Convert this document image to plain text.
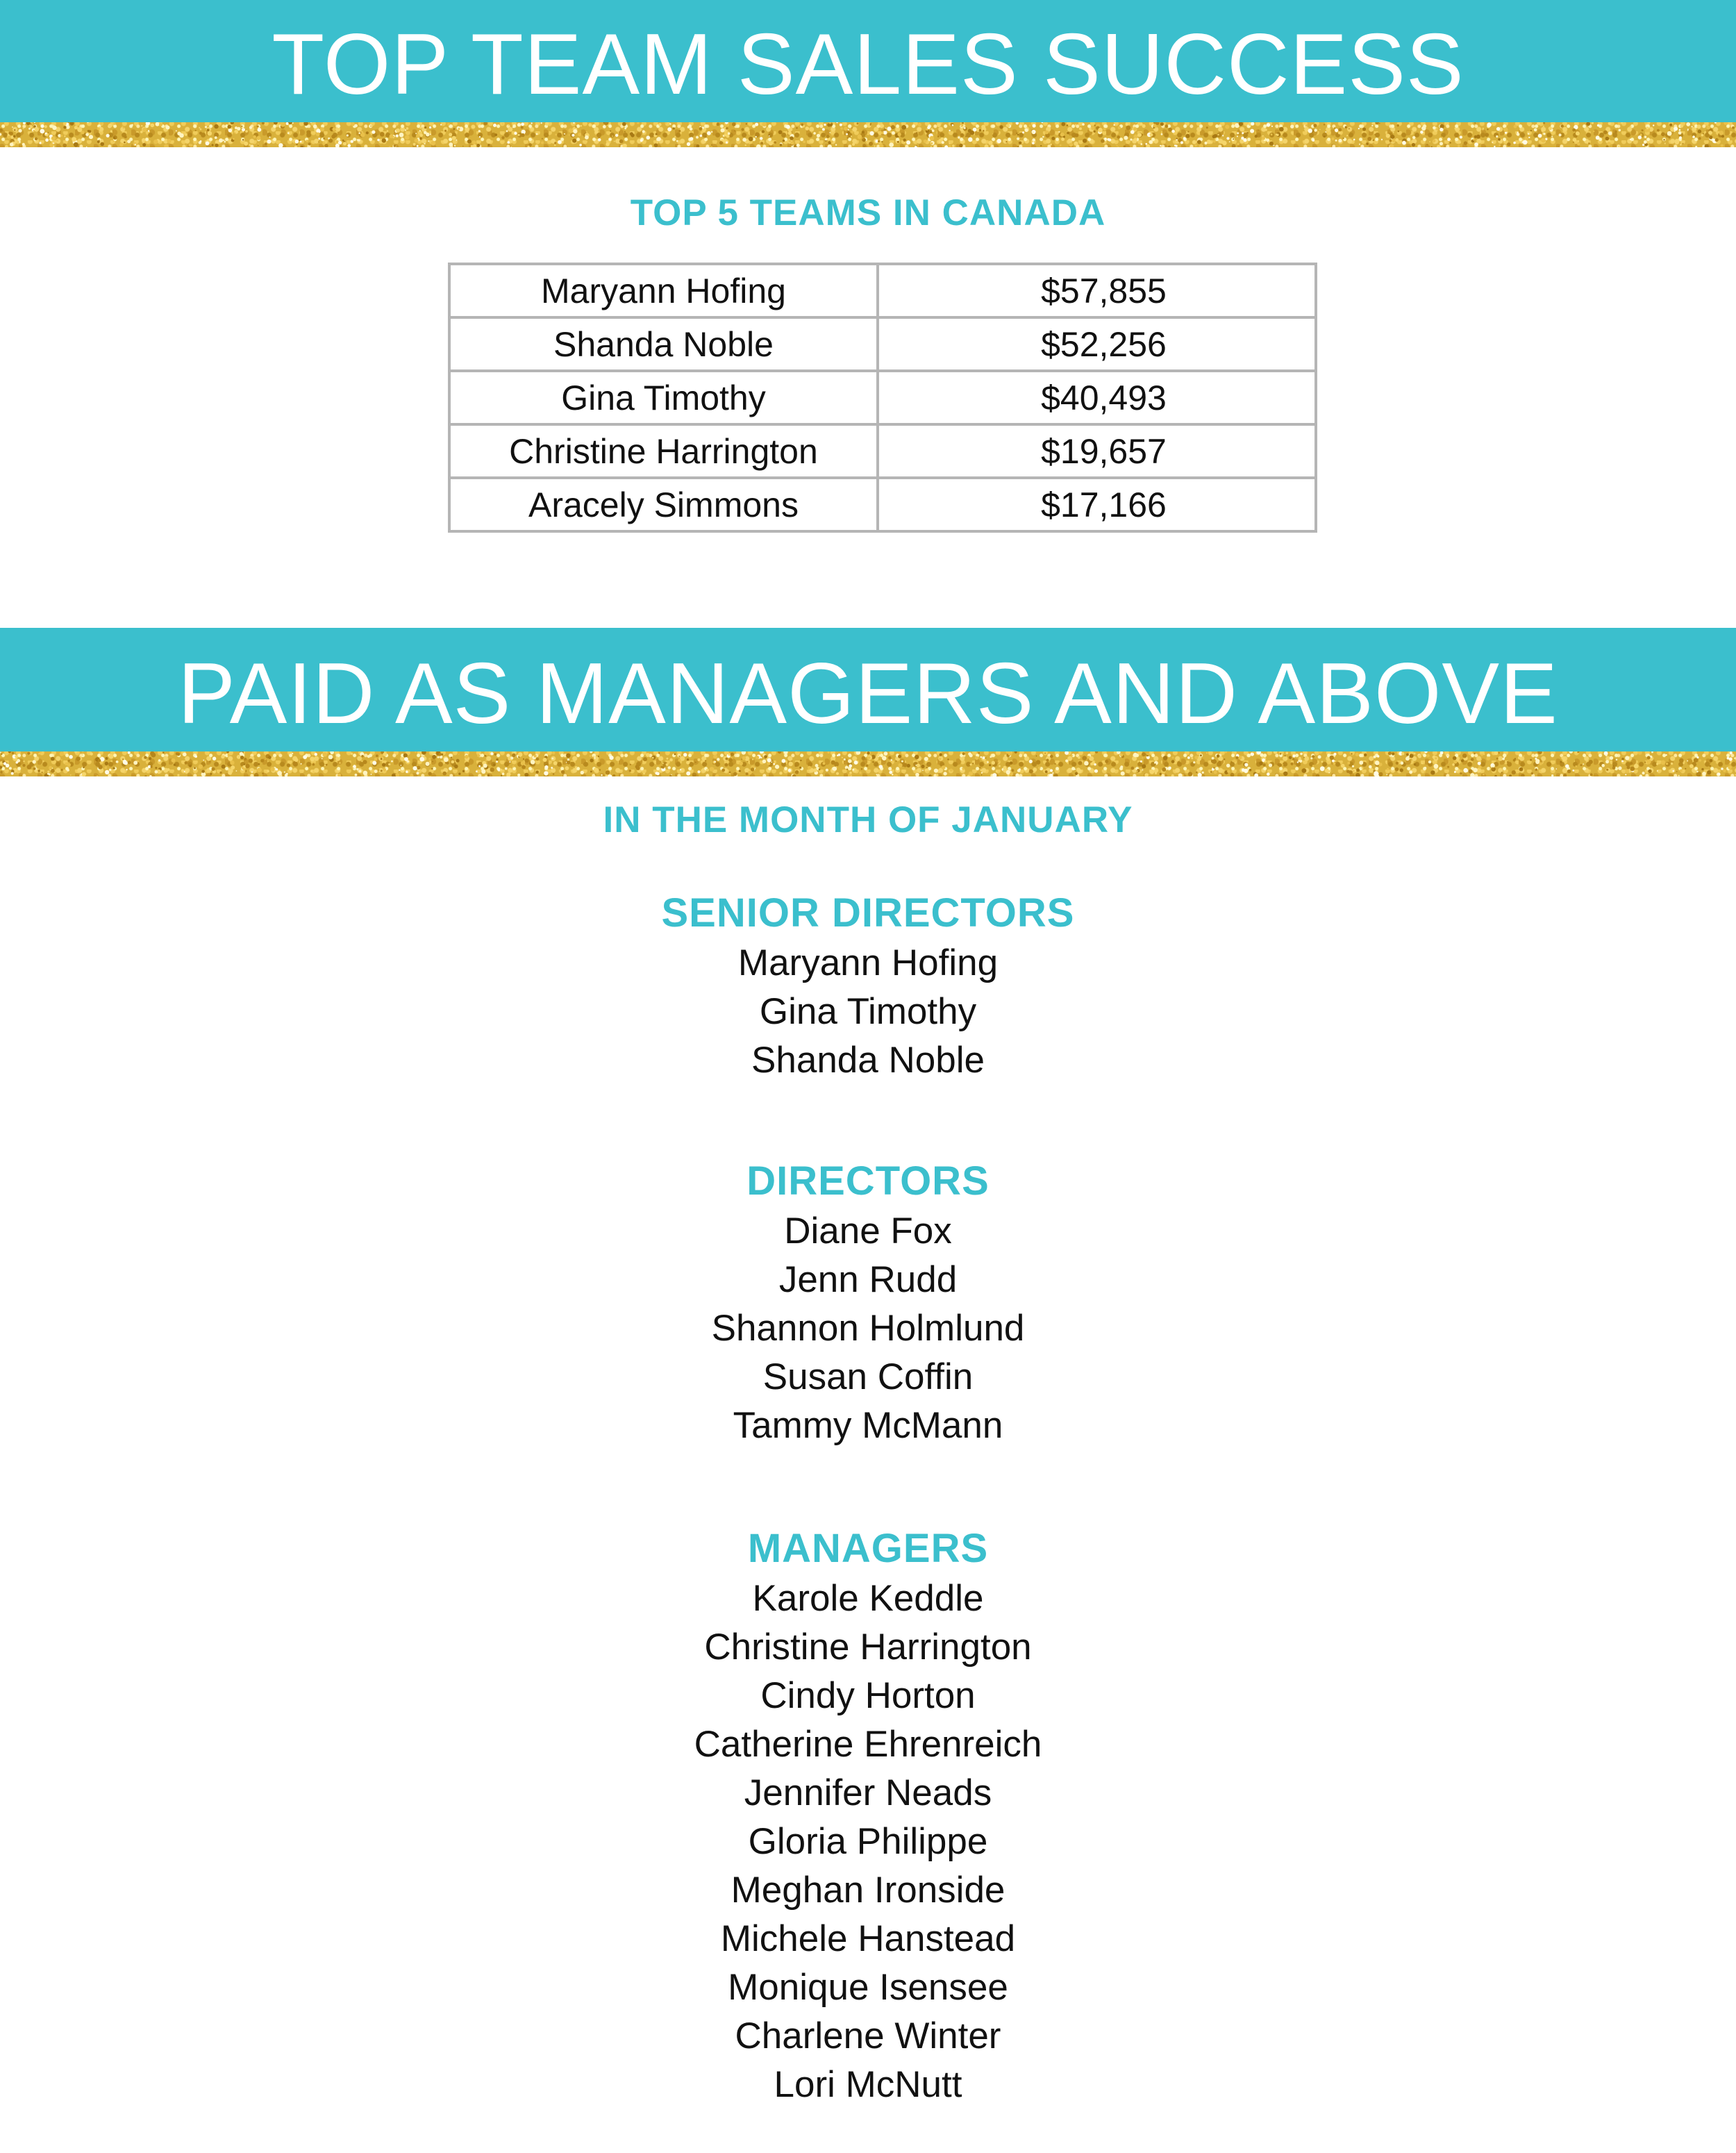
TOP TEAM SALES SUCCESS
TOP 5 TEAMS IN CANADA
Maryann Hofing	$57,855
Shanda Noble	$52,256
Gina Timothy	$40,493
Christine Harrington	$19,657
Aracely Simmons	$17,166
PAID AS MANAGERS AND ABOVE
IN THE MONTH OF JANUARY
SENIOR DIRECTORS
Maryann Hofing
Gina Timothy
Shanda Noble
DIRECTORS
Diane Fox
Jenn Rudd
Shannon Holmlund
Susan Coffin
Tammy McMann
MANAGERS
Karole Keddle
Christine Harrington
Cindy Horton
Catherine Ehrenreich
Jennifer Neads
Gloria Philippe
Meghan Ironside
Michele Hanstead
Monique Isensee
Charlene Winter
Lori McNutt
